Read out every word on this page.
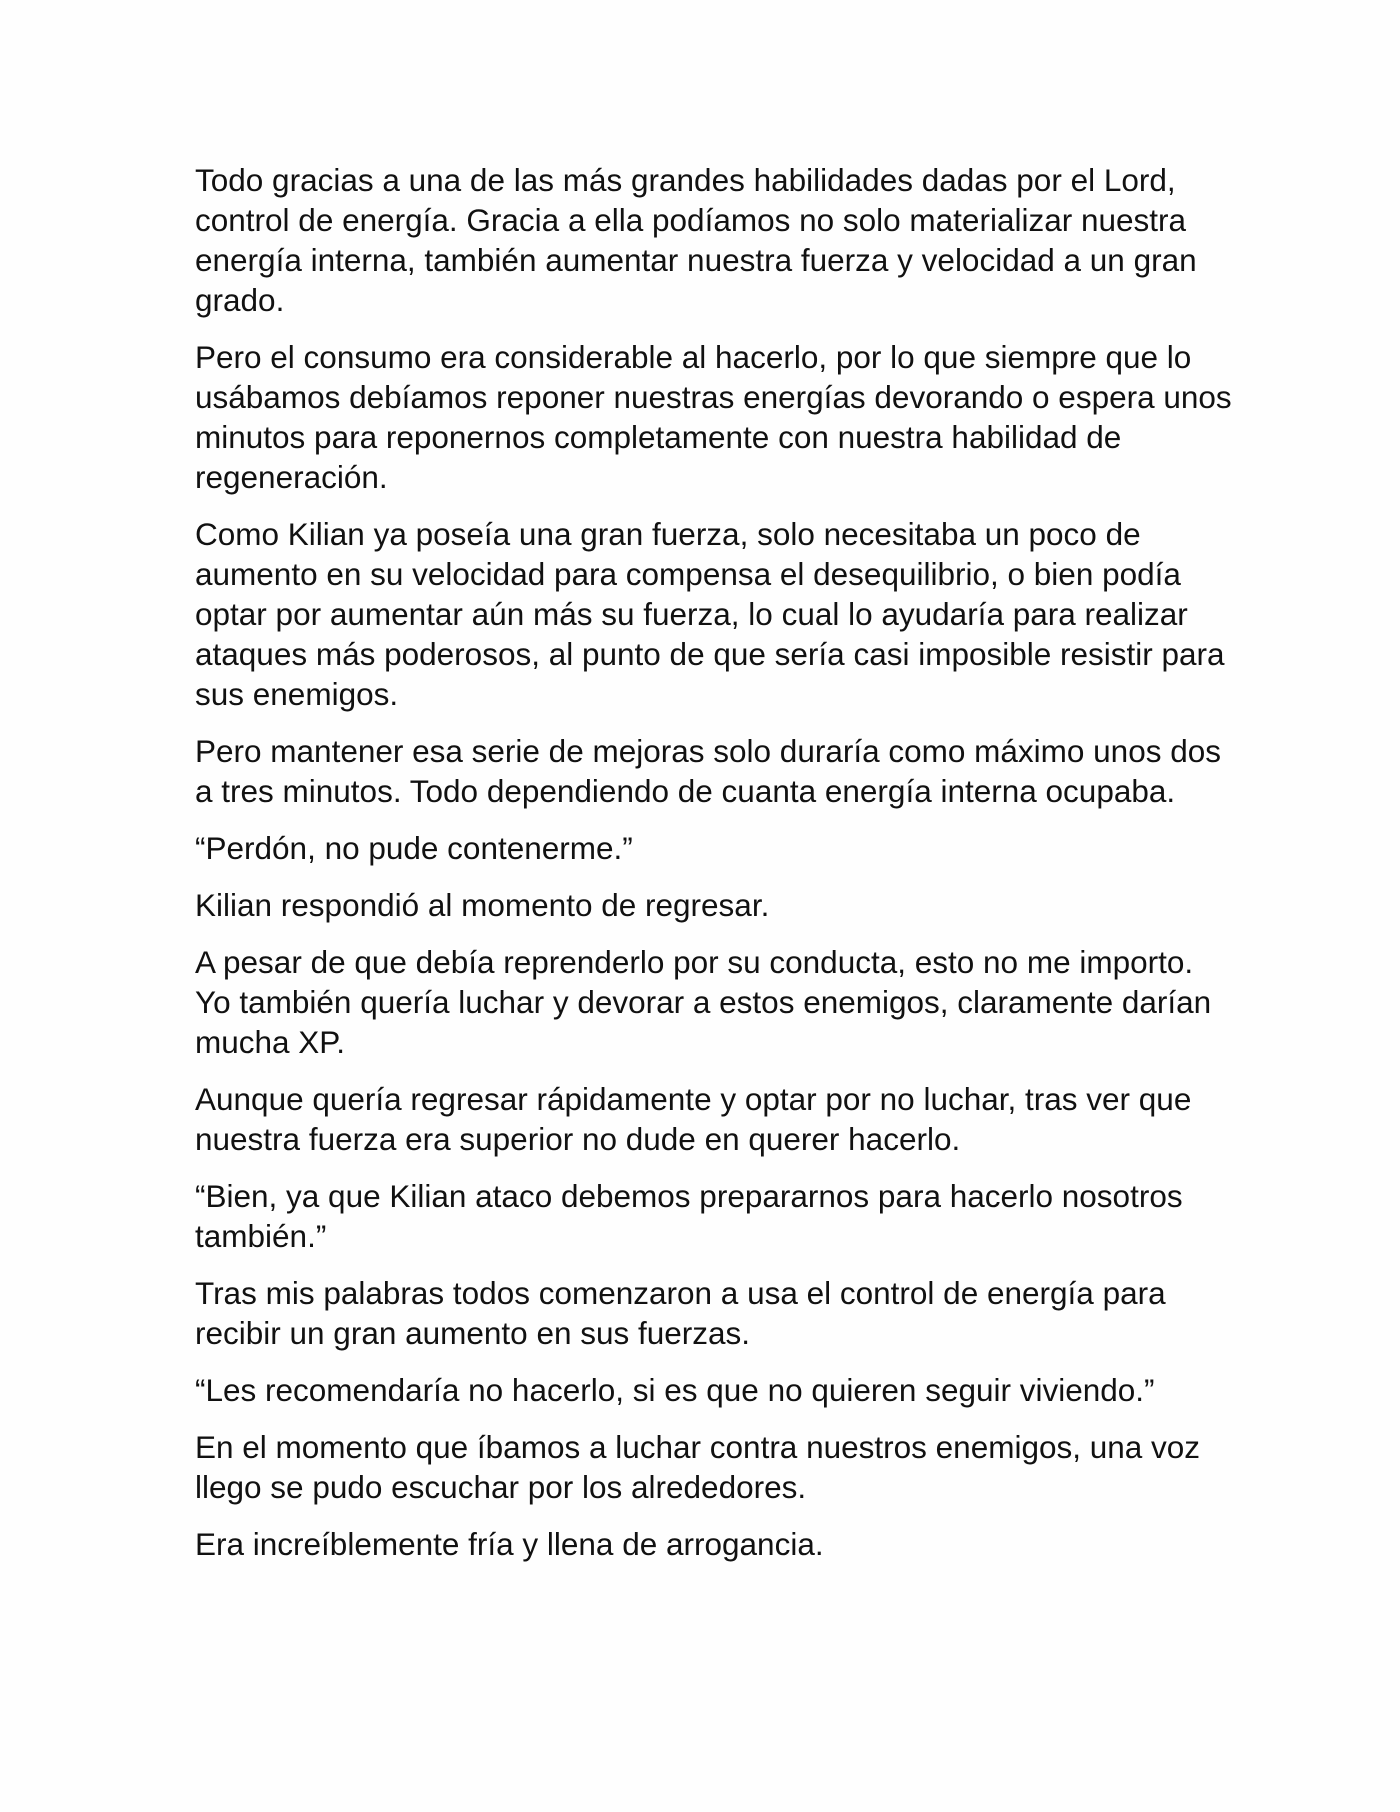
Todo gracias a una de las más grandes habilidades dadas por el Lord, control de energía. Gracia a ella podíamos no solo materializar nuestra energía interna, también aumentar nuestra fuerza y velocidad a un gran grado.

Pero el consumo era considerable al hacerlo, por lo que siempre que lo usábamos debíamos reponer nuestras energías devorando o espera unos minutos para reponernos completamente con nuestra habilidad de regeneración.

Como Kilian ya poseía una gran fuerza, solo necesitaba un poco de aumento en su velocidad para compensa el desequilibrio, o bien podía optar por aumentar aún más su fuerza, lo cual lo ayudaría para realizar ataques más poderosos, al punto de que sería casi imposible resistir para sus enemigos.

Pero mantener esa serie de mejoras solo duraría como máximo unos dos a tres minutos. Todo dependiendo de cuanta energía interna ocupaba.

“Perdón, no pude contenerme.”

Kilian respondió al momento de regresar.

A pesar de que debía reprenderlo por su conducta, esto no me importo. Yo también quería luchar y devorar a estos enemigos, claramente darían mucha XP.

Aunque quería regresar rápidamente y optar por no luchar, tras ver que nuestra fuerza era superior no dude en querer hacerlo.

“Bien, ya que Kilian ataco debemos prepararnos para hacerlo nosotros también.”

Tras mis palabras todos comenzaron a usa el control de energía para recibir un gran aumento en sus fuerzas.

“Les recomendaría no hacerlo, si es que no quieren seguir viviendo.”

En el momento que íbamos a luchar contra nuestros enemigos, una voz llego se pudo escuchar por los alrededores.

Era increíblemente fría y llena de arrogancia.
